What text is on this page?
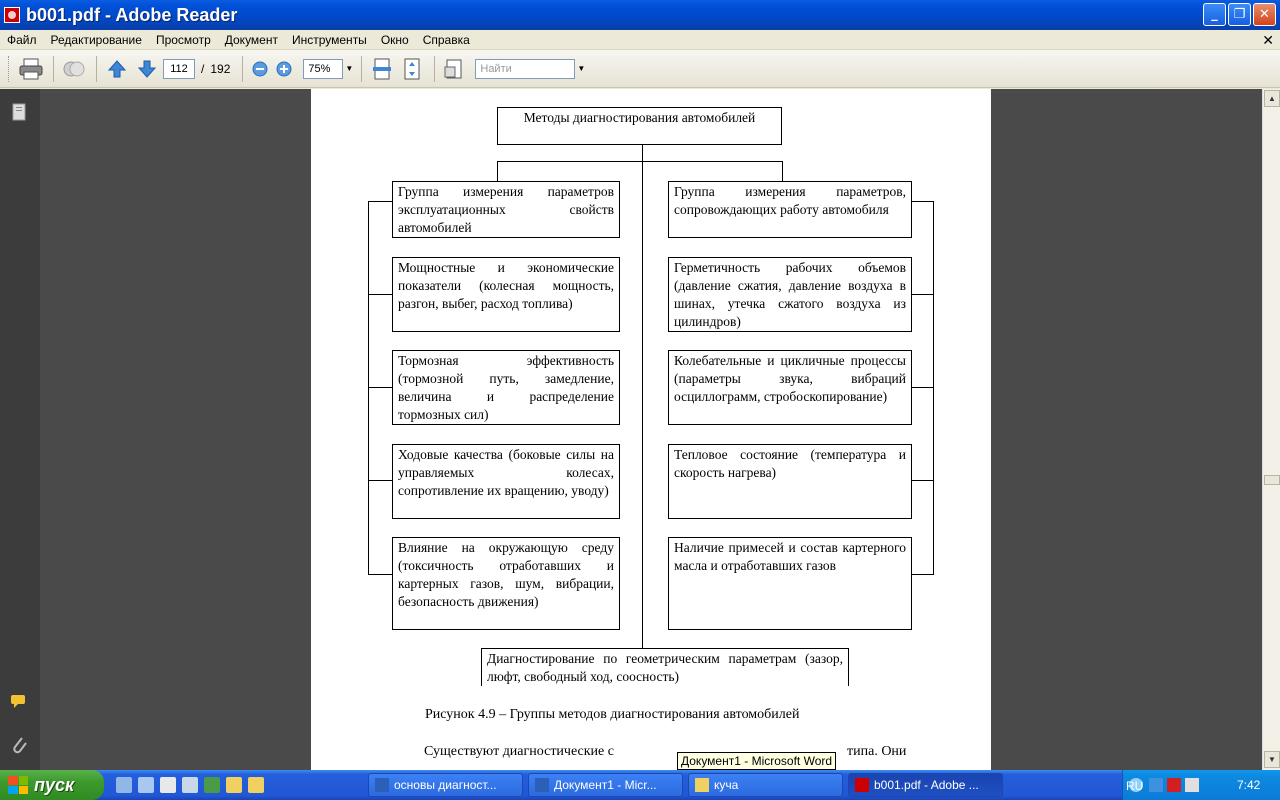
b001.pdf - Adobe Reader	_	❐	✕
Файл	Редактирование	Просмотр	Документ	Инструменты	Окно	Справка	✕
112	/ 192	75%	▼	Найти	▼
Методы диагностирования автомобилей
Группа измерения параметров эксплуатационных свойств автомобилей
Мощностные и экономические показатели (колесная мощность, разгон, выбег, расход топлива)
Тормозная эффективность (тормозной путь, замедление, величина и распределение тормозных сил)
Ходовые качества (боковые силы на управляемых колесах, сопротивление их вращению, уводу)
Влияние на окружающую среду (токсичность отработавших и картерных газов, шум, вибрации, безопасность движения)
Группа измерения параметров, сопровождающих работу автомобиля
Герметичность рабочих объемов (давление сжатия, давление воздуха в шинах, утечка сжатого воздуха из цилиндров)
Колебательные и цикличные процессы (параметры звука, вибраций осциллограмм, стробоскопирование)
Тепловое состояние (температура и скорость нагрева)
Наличие примесей и состав картерного масла и отработавших газов
Диагностирование по геометрическим параметрам (зазор, люфт, свободный ход, соосность)
Рисунок 4.9 – Группы методов диагностирования автомобилей
Существуют диагностические с	типа. Они
▲
▼
Документ1 - Microsoft Word
пуск	основы диагност...	Документ1 - Micr...	куча	b001.pdf - Adobe ...	7:42
RU
